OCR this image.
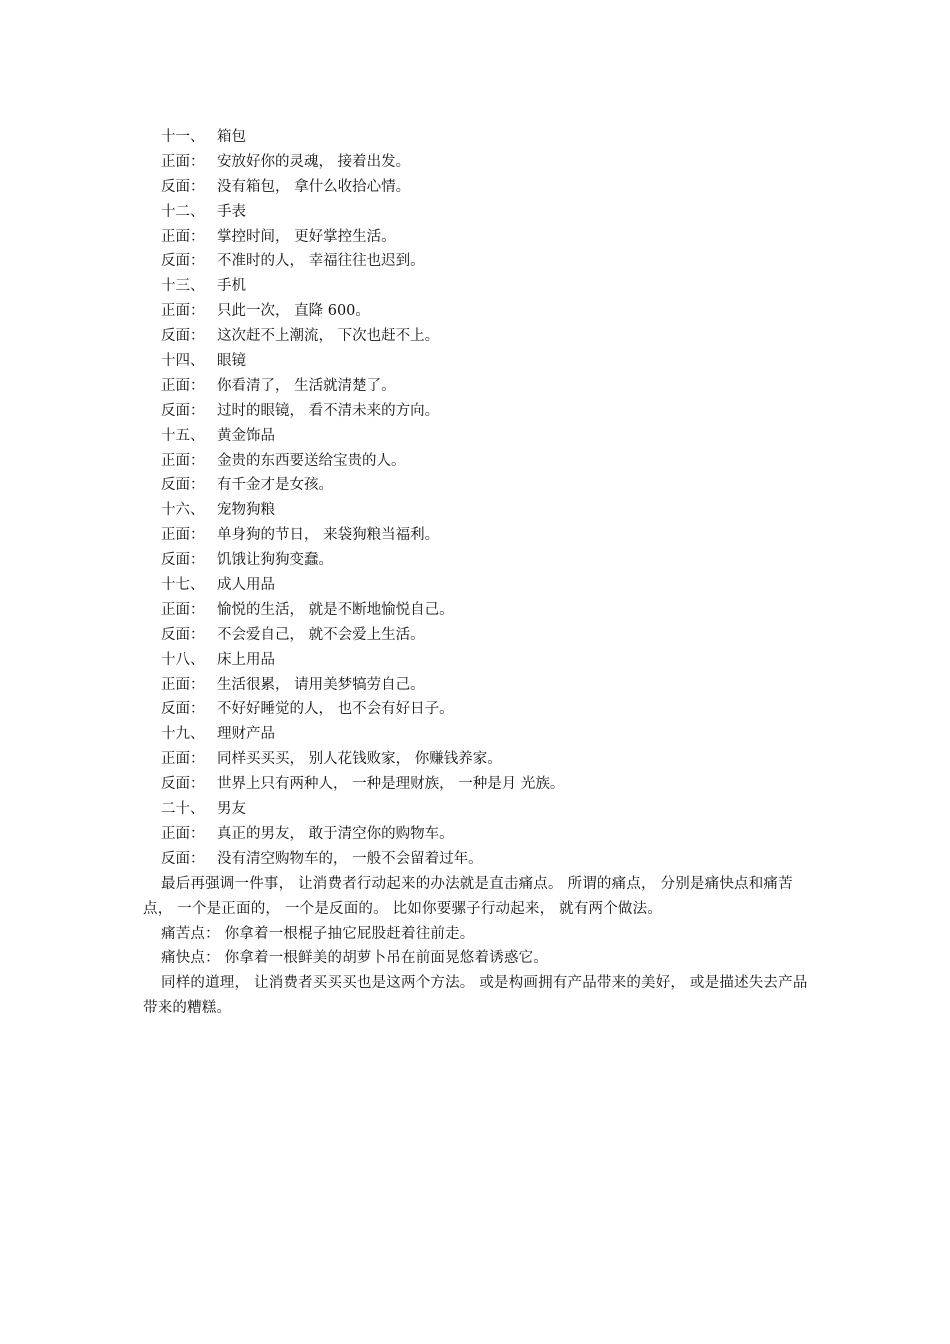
十一、 箱包
正面： 安放好你的灵魂， 接着出发。
反面： 没有箱包， 拿什么收拾心情。
十二、 手表
正面： 掌控时间， 更好掌控生活。
反面： 不准时的人， 幸福往往也迟到。
十三、 手机
正面： 只此一次， 直降 600。
反面： 这次赶不上潮流， 下次也赶不上。
十四、 眼镜
正面： 你看清了， 生活就清楚了。
反面： 过时的眼镜， 看不清未来的方向。
十五、 黄金饰品
正面： 金贵的东西要送给宝贵的人。
反面： 有千金才是女孩。
十六、 宠物狗粮
正面： 单身狗的节日， 来袋狗粮当福利。
反面： 饥饿让狗狗变蠢。
十七、 成人用品
正面： 愉悦的生活， 就是不断地愉悦自己。
反面： 不会爱自己， 就不会爱上生活。
十八、 床上用品
正面： 生活很累， 请用美梦犒劳自己。
反面： 不好好睡觉的人， 也不会有好日子。
十九、 理财产品
正面： 同样买买买， 别人花钱败家， 你赚钱养家。
反面： 世界上只有两种人， 一种是理财族， 一种是月 光族。
二十、 男友
正面： 真正的男友， 敢于清空你的购物车。
反面： 没有清空购物车的， 一般不会留着过年。
最后再强调一件事， 让消费者行动起来的办法就是直击痛点。 所谓的痛点， 分别是痛快点和痛苦点， 一个是正面的， 一个是反面的。 比如你要骡子行动起来， 就有两个做法。
痛苦点： 你拿着一根棍子抽它屁股赶着往前走。
痛快点： 你拿着一根鲜美的胡萝卜吊在前面晃悠着诱惑它。
同样的道理， 让消费者买买买也是这两个方法。 或是构画拥有产品带来的美好， 或是描述失去产品带来的糟糕。
